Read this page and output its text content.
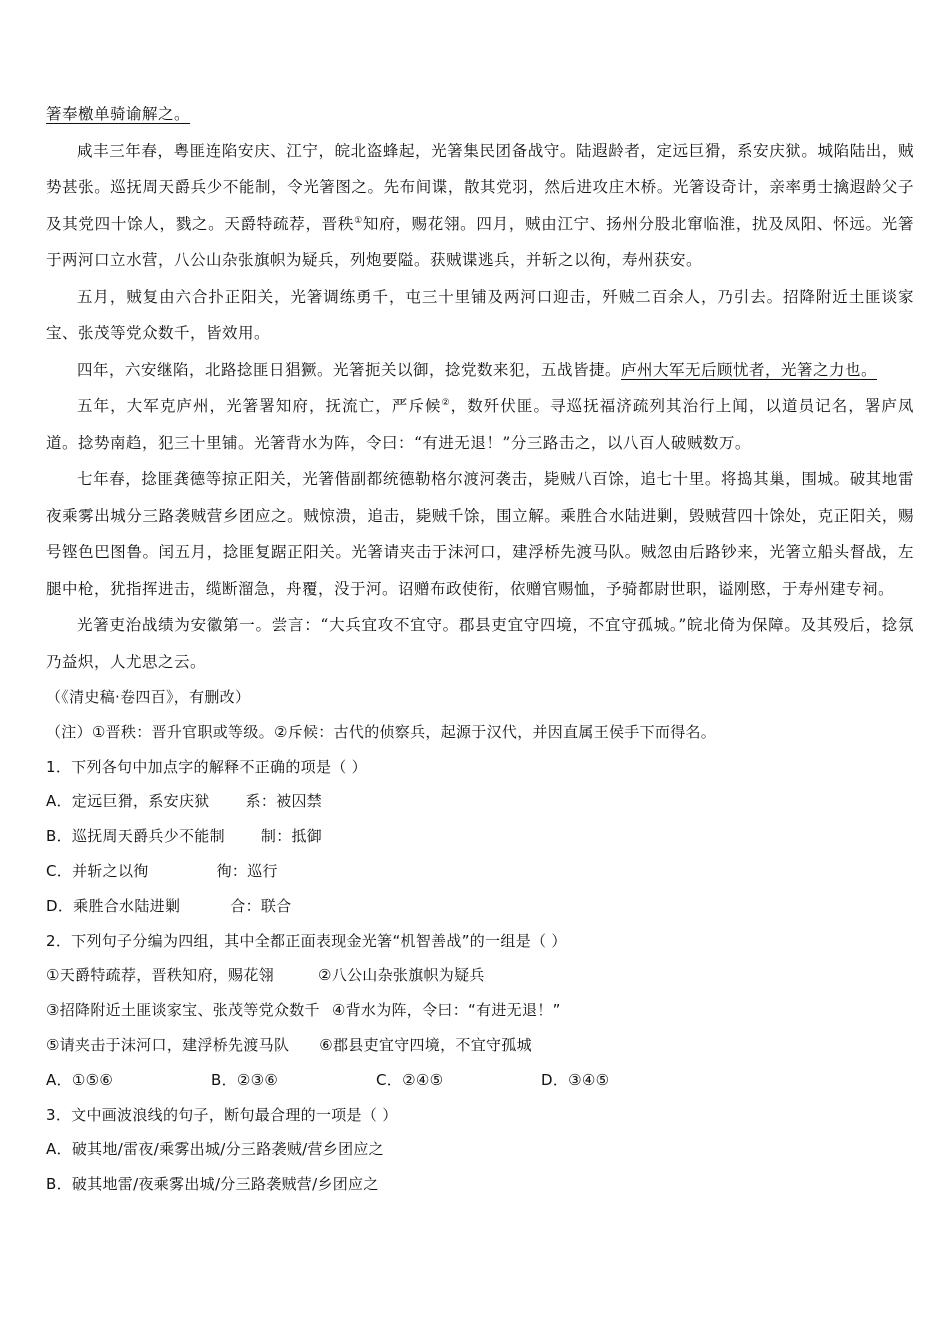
箸奉檄单骑谕解之。

咸丰三年春，粤匪连陷安庆、江宁，皖北盗蜂起，光箸集民团备战守。陆遐龄者，定远巨猾，系安庆狱。城陷陆出，贼势甚张。巡抚周天爵兵少不能制，令光箸图之。先布间谍，散其党羽，然后进攻庄木桥。光箸设奇计，亲率勇士擒遐龄父子及其党四十馀人，戮之。天爵特疏荐，晋秩①知府，赐花翎。四月，贼由江宁、扬州分股北窜临淮，扰及凤阳、怀远。光箸于两河口立水营，八公山杂张旗帜为疑兵，列炮要隘。获贼谍逃兵，并斩之以徇，寿州获安。

五月，贼复由六合扑正阳关，光箸调练勇千，屯三十里铺及两河口迎击，歼贼二百余人，乃引去。招降附近土匪谈家宝、张茂等党众数千，皆效用。

四年，六安继陷，北路捻匪日猖獗。光箸扼关以御，捻党数来犯，五战皆捷。庐州大军无后顾忧者，光箸之力也。

五年，大军克庐州，光箸署知府，抚流亡，严斥候②，数歼伏匪。寻巡抚福济疏列其治行上闻，以道员记名，署庐凤道。捻势南趋，犯三十里铺。光箸背水为阵，令曰：“有进无退！”分三路击之，以八百人破贼数万。

七年春，捻匪龚德等掠正阳关，光箸偕副都统德勒格尔渡河袭击，毙贼八百馀，追七十里。将捣其巢，围城。破其地雷夜乘雾出城分三路袭贼营乡团应之。贼惊溃，追击，毙贼千馀，围立解。乘胜合水陆进剿，毁贼营四十馀处，克正阳关，赐号铿色巴图鲁。闰五月，捻匪复踞正阳关。光箸请夹击于沫河口，建浮桥先渡马队。贼忽由后路钞来，光箸立船头督战，左腿中枪，犹指挥进击，缆断溜急，舟覆，没于河。诏赠布政使衔，依赠官赐恤，予骑都尉世职，谥刚愍，于寿州建专祠。

光箸吏治战绩为安徽第一。尝言：“大兵宜攻不宜守。郡县吏宜守四境，不宜守孤城。”皖北倚为保障。及其殁后，捻氛乃益炽，人尤思之云。

（《清史稿·卷四百》，有删改）

（注）①晋秩：晋升官职或等级。②斥候：古代的侦察兵，起源于汉代，并因直属王侯手下而得名。

1．下列各句中加点字的解释不正确的项是（ ）

A．定远巨猾，系安庆狱 系：被囚禁

B．巡抚周天爵兵少不能制 制：抵御

C．并斩之以徇	徇：巡行

D．乘胜合水陆进剿	合：联合

2．下列句子分编为四组，其中全都正面表现金光箸“机智善战”的一组是（ ）

①天爵特疏荐，晋秩知府，赐花翎	②八公山杂张旗帜为疑兵

③招降附近土匪谈家宝、张茂等党众数千 ④背水为阵，令曰：“有进无退！”

⑤请夹击于沫河口，建浮桥先渡马队 ⑥郡县吏宜守四境，不宜守孤城

A．①⑤⑥	B．②③⑥	C．②④⑤	D．③④⑤

3．文中画波浪线的句子，断句最合理的一项是（ ）

A．破其地/雷夜/乘雾出城/分三路袭贼/营乡团应之

B．破其地雷/夜乘雾出城/分三路袭贼营/乡团应之
